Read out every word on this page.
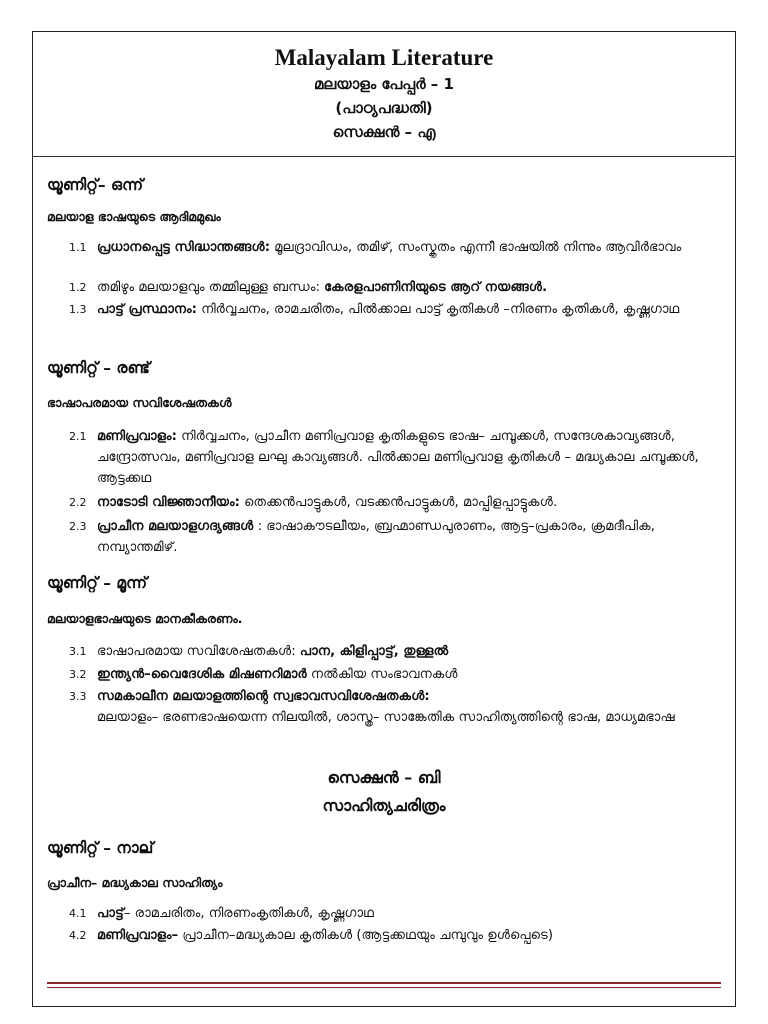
Malayalam Literature
മലയാളം പേപ്പർ – 1
(പാഠ്യപദ്ധതി)
സെക്ഷൻ – എ
യൂണിറ്റ്– ഒന്ന്
മലയാള ഭാഷയുടെ ആദിമമുഖം
1.1 പ്രധാനപ്പെട്ട സിദ്ധാന്തങ്ങൾ: മൂലദ്രാവിഡം, തമിഴ്, സംസ്കൃതം എന്നീ ഭാഷയിൽ നിന്നും ആവിർഭാവം
1.2 തമിഴും മലയാളവും തമ്മിലുള്ള ബന്ധം: കേരളപാണിനിയുടെ ആറ് നയങ്ങൾ.
1.3 പാട്ട് പ്രസ്ഥാനം: നിർവ്വചനം, രാമചരിതം, പിൽക്കാല പാട്ട് കൃതികൾ –നിരണം കൃതികൾ, കൃഷ്ണഗാഥ
യൂണിറ്റ് – രണ്ട്
ഭാഷാപരമായ സവിശേഷതകൾ
2.1 മണിപ്രവാളം: നിർവ്വചനം, പ്രാചീന മണിപ്രവാള കൃതികളുടെ ഭാഷ– ചമ്പൂക്കൾ, സന്ദേശകാവ്യങ്ങൾ, ചന്ദ്രോത്സവം, മണിപ്രവാള ലഘു കാവ്യങ്ങൾ. പിൽക്കാല മണിപ്രവാള കൃതികൾ – മദ്ധ്യകാല ചമ്പൂക്കൾ, ആട്ടക്കഥ
2.2 നാടോടി വിജ്ഞാനീയം: തെക്കൻപാട്ടുകൾ, വടക്കൻപാട്ടുകൾ, മാപ്പിളപ്പാട്ടുകൾ.
2.3 പ്രാചീന മലയാളഗദ്യങ്ങൾ : ഭാഷാകൗടലീയം, ബ്രഹ്മാണ്ഡപുരാണം, ആട്ട–പ്രകാരം, ക്രമദീപിക, നമ്പ്യാന്തമിഴ്.
യൂണിറ്റ് – മൂന്ന്
മലയാളഭാഷയുടെ മാനകീകരണം.
3.1 ഭാഷാപരമായ സവിശേഷതകൾ: പാന, കിളിപ്പാട്ട്, തുള്ളൽ
3.2 ഇന്ത്യൻ–വൈദേശിക മിഷണറിമാർ നൽകിയ സംഭാവനകൾ
3.3 സമകാലീന മലയാളത്തിന്റെ സ്വഭാവസവിശേഷതകൾ:
മലയാളം– ഭരണഭാഷയെന്ന നിലയിൽ, ശാസ്ത്ര– സാങ്കേതിക സാഹിത്യത്തിന്റെ ഭാഷ, മാധ്യമഭാഷ
സെക്ഷൻ – ബി
സാഹിത്യചരിത്രം
യൂണിറ്റ് – നാല്
പ്രാചീന– മദ്ധ്യകാല സാഹിത്യം
4.1 പാട്ട്– രാമചരിതം, നിരണംകൃതികൾ, കൃഷ്ണഗാഥ
4.2 മണിപ്രവാളം– പ്രാചീന–മദ്ധ്യകാല കൃതികൾ (ആട്ടക്കഥയും ചമ്പുവും ഉൾപ്പെടെ)
